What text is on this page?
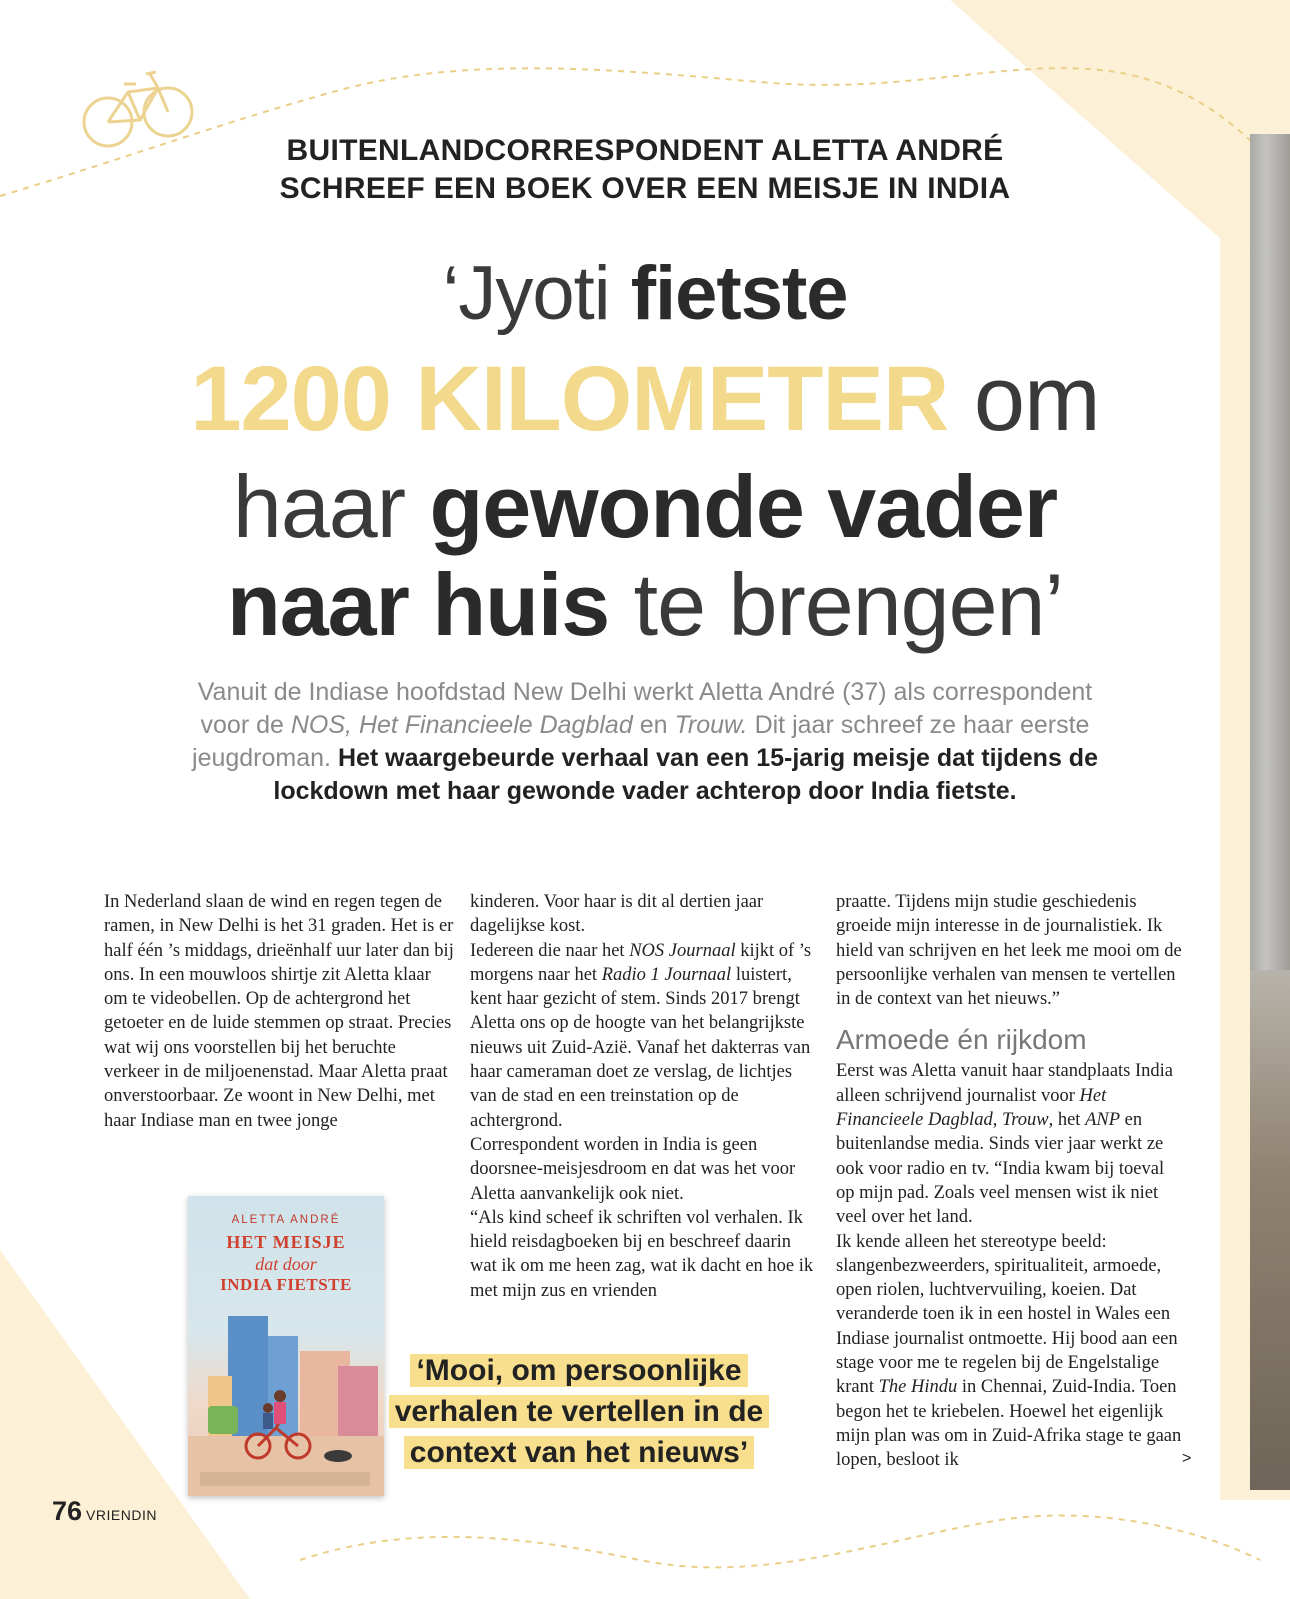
BUITENLANDCORRESPONDENT ALETTA ANDRÉ
SCHREEF EEN BOEK OVER EEN MEISJE IN INDIA
‘Jyoti fietste
1200 KILOMETER om
haar gewonde vader
naar huis te brengen’
Vanuit de Indiase hoofdstad New Delhi werkt Aletta André (37) als correspondent voor de NOS, Het Financieele Dagblad en Trouw. Dit jaar schreef ze haar eerste jeugdroman. Het waargebeurde verhaal van een 15-jarig meisje dat tijdens de lockdown met haar gewonde vader achterop door India fietste.

In Nederland slaan de wind en regen tegen de ramen, in New Delhi is het 31 graden. Het is er half één ’s middags, drieënhalf uur later dan bij ons. In een mouwloos shirtje zit Aletta klaar om te videobellen. Op de achtergrond het getoeter en de luide stemmen op straat. Precies wat wij ons voorstellen bij het beruchte verkeer in de miljoenenstad. Maar Aletta praat onverstoorbaar. Ze woont in New Delhi, met haar Indiase man en twee jonge

kinderen. Voor haar is dit al dertien jaar dagelijkse kost.

Iedereen die naar het NOS Journaal kijkt of ’s morgens naar het Radio 1 Journaal luistert, kent haar gezicht of stem. Sinds 2017 brengt Aletta ons op de hoogte van het belangrijkste nieuws uit Zuid-Azië. Vanaf het dakterras van haar cameraman doet ze verslag, de lichtjes van de stad en een treinstation op de achtergrond.

Correspondent worden in India is geen doorsnee-meisjesdroom en dat was het voor Aletta aanvankelijk ook niet.

“Als kind scheef ik schriften vol verhalen. Ik hield reisdagboeken bij en beschreef daarin wat ik om me heen zag, wat ik dacht en hoe ik met mijn zus en vrienden

praatte. Tijdens mijn studie geschiedenis groeide mijn interesse in de journalistiek. Ik hield van schrijven en het leek me mooi om de persoonlijke verhalen van mensen te vertellen in de context van het nieuws.”

Armoede én rijkdom

Eerst was Aletta vanuit haar standplaats India alleen schrijvend journalist voor Het Financieele Dagblad, Trouw, het ANP en buitenlandse media. Sinds vier jaar werkt ze ook voor radio en tv. “India kwam bij toeval op mijn pad. Zoals veel mensen wist ik niet veel over het land.

Ik kende alleen het stereotype beeld: slangenbezweerders, spiritualiteit, armoede, open riolen, luchtvervuiling, koeien. Dat veranderde toen ik in een hostel in Wales een Indiase journalist ontmoette. Hij bood aan een stage voor me te regelen bij de Engelstalige krant The Hindu in Chennai, Zuid-India. Toen begon het te kriebelen. Hoewel het eigenlijk mijn plan was om in Zuid-Afrika stage te gaan lopen, besloot ik	>
ALETTA ANDRÉ
HET MEISJE
dat door
INDIA FIETSTE
‘Mooi, om persoonlijke verhalen te vertellen in de context van het nieuws’
76 VRIENDIN
